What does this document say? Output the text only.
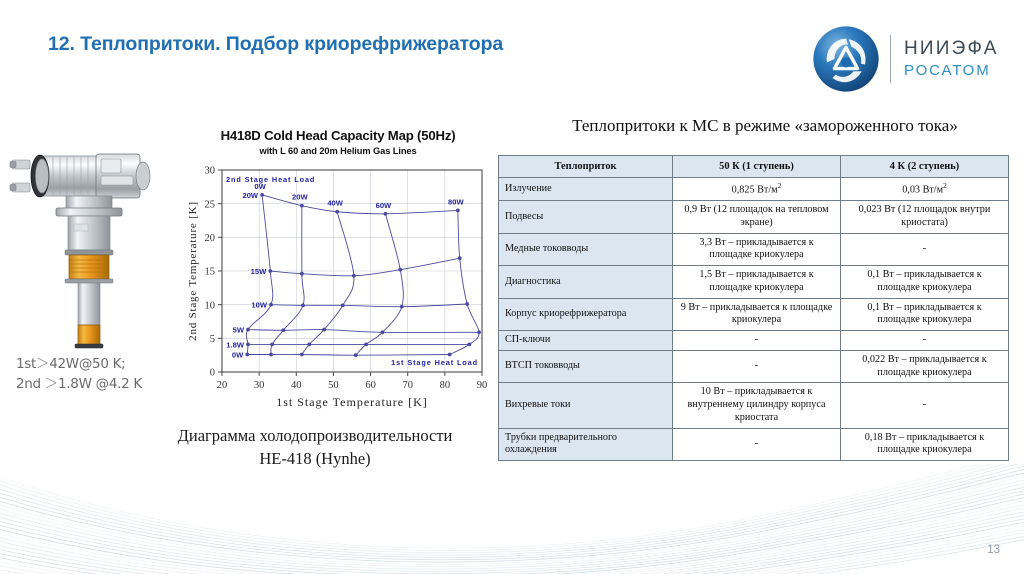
12. Теплопритоки. Подбор криорефрижератора	НИИЭФА
РОСАТОМ
1st＞42W@50 K;
2nd ＞1.8W @4.2 K
H418D Cold Head Capacity Map (50Hz)
with L 60 and 20m Helium Gas Lines
20	30	40	50	60	70	80	90
0
5
10
15
20
25
30
1st Stage Temperature [K]
2nd Stage Temperature [K]
20W
15W
10W
5W
1.8W
0W
0W
20W
40W	60W	80W
2nd Stage Heat Load
1st Stage Heat Load
Диаграмма холодопроизводительности
HE-418 (Hynhe)
Теплопритоки к МС в режиме «замороженного тока»
Теплоприток	50 К (1 ступень)	4 К (2 ступень)
Излучение	0,825 $Вт/м^2$	0,03 $Вт/м^2$
Подвесы	0,9 Вт (12 площадок на тепловом экране)	0,023 Вт (12 площадок внутри криостата)
Медные токовводы	3,3 Вт – прикладывается к площадке криокулера	-
Диагностика	1,5 Вт – прикладывается к площадке криокулера	0,1 Вт – прикладывается к площадке криокулера
Корпус криорефрижератора	9 Вт – прикладывается к площадке криокулера	0,1 Вт – прикладывается к площадке криокулера
СП-ключи	-	-
ВТСП токовводы	-	0,022 Вт – прикладывается к площадке криокулера
Вихревые токи	10 Вт – прикладывается к внутреннему цилиндру корпуса криостата	-
Трубки предварительного охлаждения	-	0,18 Вт – прикладывается к площадке криокулера
13
